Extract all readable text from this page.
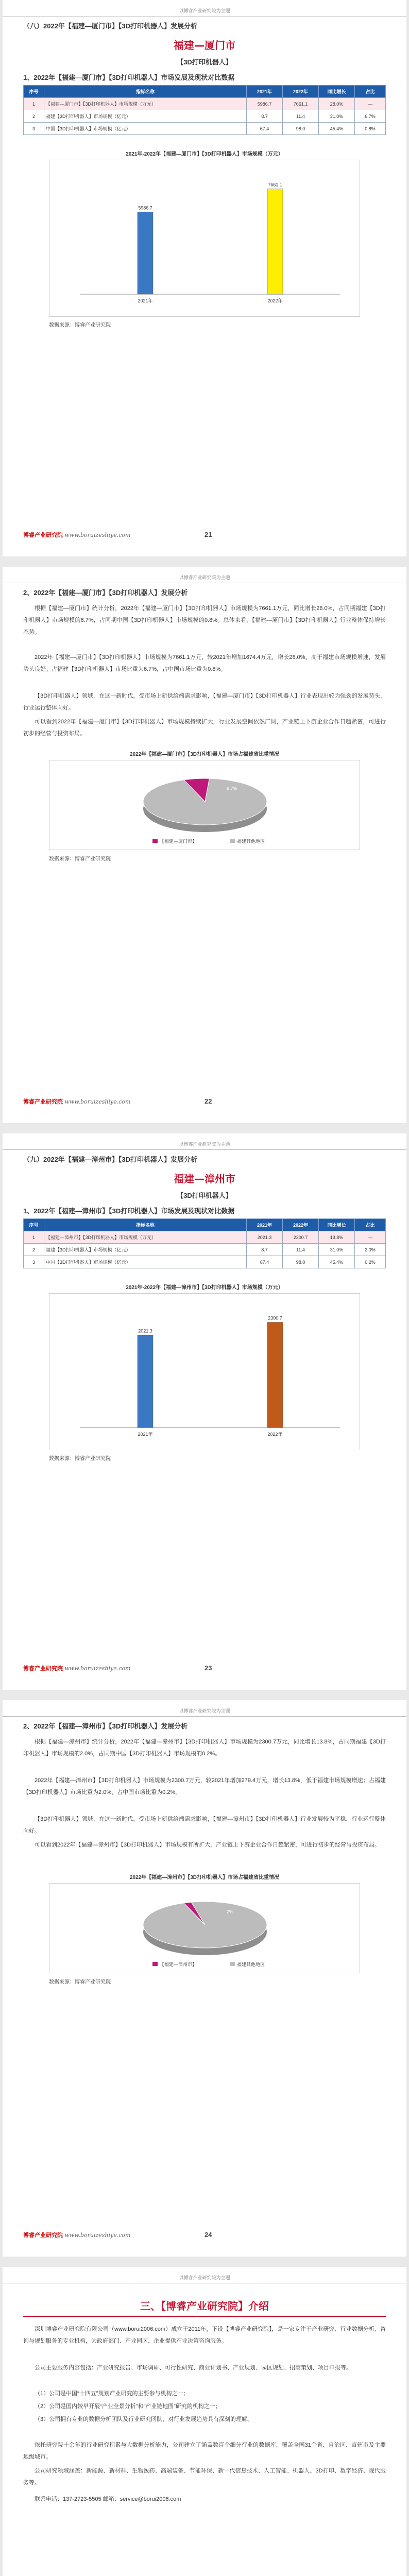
以博睿产业研究院为主题
（八）2022年【福建—厦门市】【3D打印机器人】发展分析
福建—厦门市
【3D打印机器人】
1、2022年【福建—厦门市】【3D打印机器人】市场发展及现状对比数据
序号	指标名称	2021年	2022年	同比增长	占比
1	【福建—厦门市】【3D打印机器人】市场规模（万元）	5986.7	7661.1	28.0%	—
2	福建【3D打印机器人】市场规模（亿元）	8.7	11.4	31.0%	6.7%
3	中国【3D打印机器人】市场规模（亿元）	67.4	98.0	45.4%	0.8%
2021年-2022年【福建—厦门市】【3D打印机器人】市场规模（万元）
5986.7
2021年
7661.1
2022年
数据来源：博睿产业研究院
博睿产业研究院 www.boruizeshiye.com	21
以博睿产业研究院为主题
2、2022年【福建—厦门市】【3D打印机器人】发展分析
根据【福建—厦门市】统计分析，2022年【福建—厦门市】【3D打印机器人】市场规模为7661.1万元，同比增长28.0%，占同期福建【3D打印机器人】市场规模的6.7%，占同期中国【3D打印机器人】市场规模的0.8%。总体来看，【福建—厦门市】【3D打印机器人】行业整体保持增长态势。
2022年【福建—厦门市】【3D打印机器人】市场规模为7661.1万元，较2021年增加1674.4万元，增长28.0%，高于福建市场规模增速，发展势头良好；占福建【3D打印机器人】市场比重为6.7%，占中国市场比重为0.8%。
【3D打印机器人】领域，在这一新时代，受市场上新供给端需求影响，【福建—厦门市】【3D打印机器人】行业表现出较为强劲的发展势头，行业运行整体向好。
可以看到2022年【福建—厦门市】【3D打印机器人】市场规模持续扩大，行业发展空间依然广阔，产业链上下游企业合作日趋紧密，可进行初步的经营与投资布局。
2022年【福建—厦门市】【3D打印机器人】市场占福建省比重情况
【福建—厦门市】	福建其他地区
6.7%
数据来源：博睿产业研究院
博睿产业研究院 www.boruizeshiye.com	22
以博睿产业研究院为主题
（九）2022年【福建—漳州市】【3D打印机器人】发展分析
福建—漳州市
【3D打印机器人】
1、2022年【福建—漳州市】【3D打印机器人】市场发展及现状对比数据
序号	指标名称	2021年	2022年	同比增长	占比
1	【福建—漳州市】【3D打印机器人】市场规模（万元）	2021.3	2300.7	13.8%	—
2	福建【3D打印机器人】市场规模（亿元）	8.7	11.4	31.0%	2.0%
3	中国【3D打印机器人】市场规模（亿元）	67.4	98.0	45.4%	0.2%
2021年-2022年【福建—漳州市】【3D打印机器人】市场规模（万元）
2021.3
2021年
2300.7
2022年
数据来源：博睿产业研究院
博睿产业研究院 www.boruizeshiye.com	23
以博睿产业研究院为主题
2、2022年【福建—漳州市】【3D打印机器人】发展分析
根据【福建—漳州市】统计分析，2022年【福建—漳州市】【3D打印机器人】市场规模为2300.7万元，同比增长13.8%，占同期福建【3D打印机器人】市场规模的2.0%，占同期中国【3D打印机器人】市场规模的0.2%。
2022年【福建—漳州市】【3D打印机器人】市场规模为2300.7万元，较2021年增加279.4万元，增长13.8%，低于福建市场规模增速；占福建【3D打印机器人】市场比重为2.0%，占中国市场比重为0.2%。
【3D打印机器人】领域，在这一新时代，受市场上新供给端需求影响，【福建—漳州市】【3D打印机器人】行业发展较为平稳，行业运行整体向好。
可以看到2022年【福建—漳州市】【3D打印机器人】市场规模有所扩大，产业链上下游企业合作日趋紧密，可进行初步的经营与投资布局。
2022年【福建—漳州市】【3D打印机器人】市场占福建省比重情况
【福建—漳州市】	福建其他地区
2%
数据来源：博睿产业研究院
博睿产业研究院 www.boruizeshiye.com	24
以博睿产业研究院为主题
三、【博睿产业研究院】介绍
深圳博睿产业研究院有限公司（www.borui2006.com）成立于2011年，下设【博睿产业研究院】，是一家专注于产业研究、行业数据分析、咨询与规划服务的专业机构，为政府部门、产业园区、企业提供产业决策咨询服务。
公司主要服务内容包括：产业研究报告、市场调研、可行性研究、商业计划书、产业规划、园区规划、招商策划、项目申报等。
（1）公司是中国“十四五”规划产业研究的主要参与机构之一；
（2）公司是国内较早开展“产业全景分析”和“产业链地图”研究的机构之一；
（3）公司拥有专业的数据分析团队及行业研究团队，对行业发展趋势具有深刻的理解。
依托研究院十余年的行业研究积累与大数据分析能力，公司建立了涵盖数百个细分行业的数据库，覆盖全国31个省、自治区、直辖市及主要地级城市。
公司研究领域涵盖：新能源、新材料、生物医药、高端装备、节能环保、新一代信息技术、人工智能、机器人、3D打印、数字经济、现代服务等。
联系电话：137-2723-5505 邮箱：service@borui2006.com
